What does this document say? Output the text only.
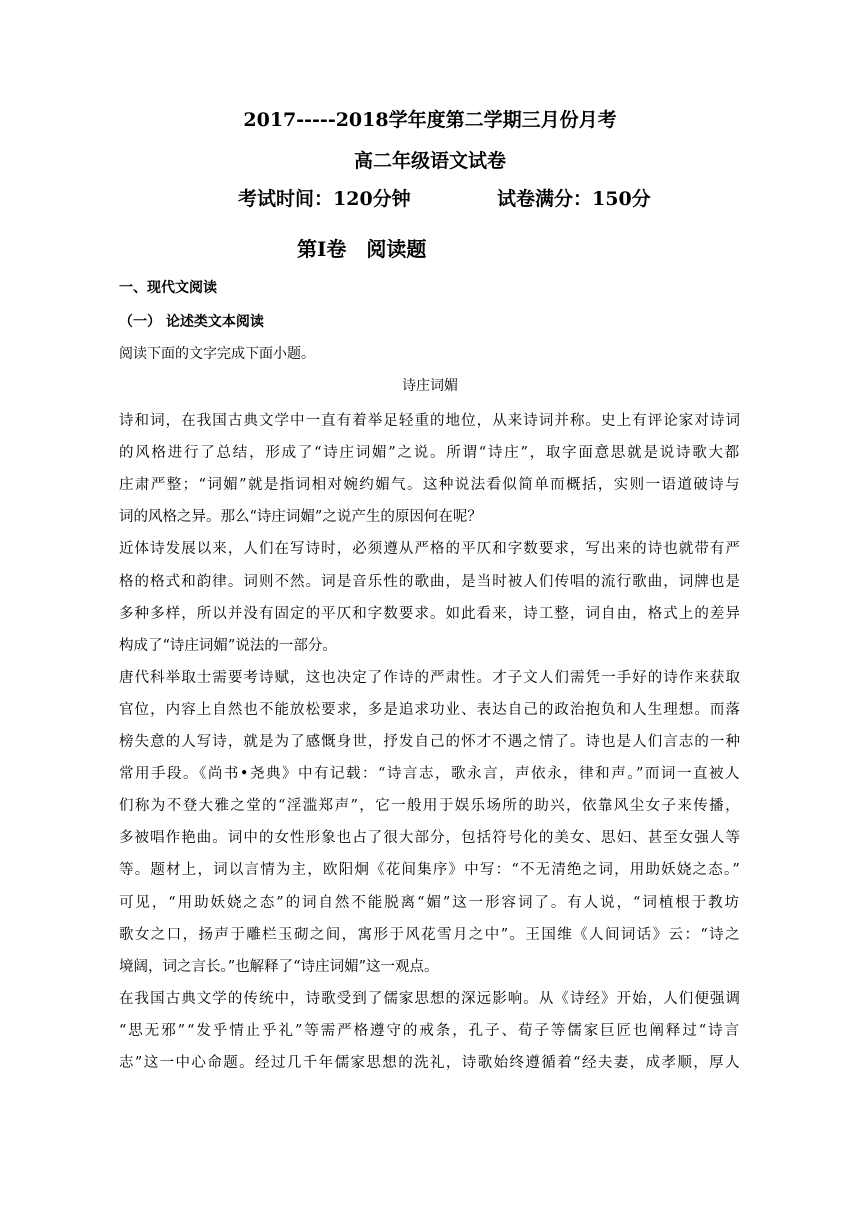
2017-----2018学年度第二学期三月份月考
高二年级语文试卷
考试时间：120分钟	试卷满分：150分
第Ⅰ卷　阅读题
一、现代文阅读
（一） 论述类文本阅读
阅读下面的文字完成下面小题。
诗庄词媚
诗和词，在我国古典文学中一直有着举足轻重的地位，从来诗词并称。史上有评论家对诗词
的风格进行了总结，形成了“诗庄词媚”之说。所谓“诗庄”，取字面意思就是说诗歌大都
庄肃严整；“词媚”就是指词相对婉约媚气。这种说法看似简单而概括，实则一语道破诗与
词的风格之异。那么“诗庄词媚”之说产生的原因何在呢？
近体诗发展以来，人们在写诗时，必须遵从严格的平仄和字数要求，写出来的诗也就带有严
格的格式和韵律。词则不然。词是音乐性的歌曲，是当时被人们传唱的流行歌曲，词牌也是
多种多样，所以并没有固定的平仄和字数要求。如此看来，诗工整，词自由，格式上的差异
构成了“诗庄词媚”说法的一部分。
唐代科举取士需要考诗赋，这也决定了作诗的严肃性。才子文人们需凭一手好的诗作来获取
官位，内容上自然也不能放松要求，多是追求功业、表达自己的政治抱负和人生理想。而落
榜失意的人写诗，就是为了感慨身世，抒发自己的怀才不遇之情了。诗也是人们言志的一种
常用手段。《尚书•尧典》中有记载：“诗言志，歌永言，声依永，律和声。”而词一直被人
们称为不登大雅之堂的“淫滥郑声”，它一般用于娱乐场所的助兴，依靠风尘女子来传播，
多被唱作艳曲。词中的女性形象也占了很大部分，包括符号化的美女、思妇、甚至女强人等
等。题材上，词以言情为主，欧阳炯《花间集序》中写：“不无清绝之词，用助妖娆之态。”
可见，“用助妖娆之态”的词自然不能脱离“媚”这一形容词了。有人说，“词植根于教坊
歌女之口，扬声于雕栏玉砌之间，寓形于风花雪月之中”。王国维《人间词话》云：“诗之
境阔，词之言长。”也解释了“诗庄词媚”这一观点。
在我国古典文学的传统中，诗歌受到了儒家思想的深远影响。从《诗经》开始，人们便强调
“思无邪”“发乎情止乎礼”等需严格遵守的戒条，孔子、荀子等儒家巨匠也阐释过“诗言
志”这一中心命题。经过几千年儒家思想的洗礼，诗歌始终遵循着“经夫妻，成孝顺，厚人
